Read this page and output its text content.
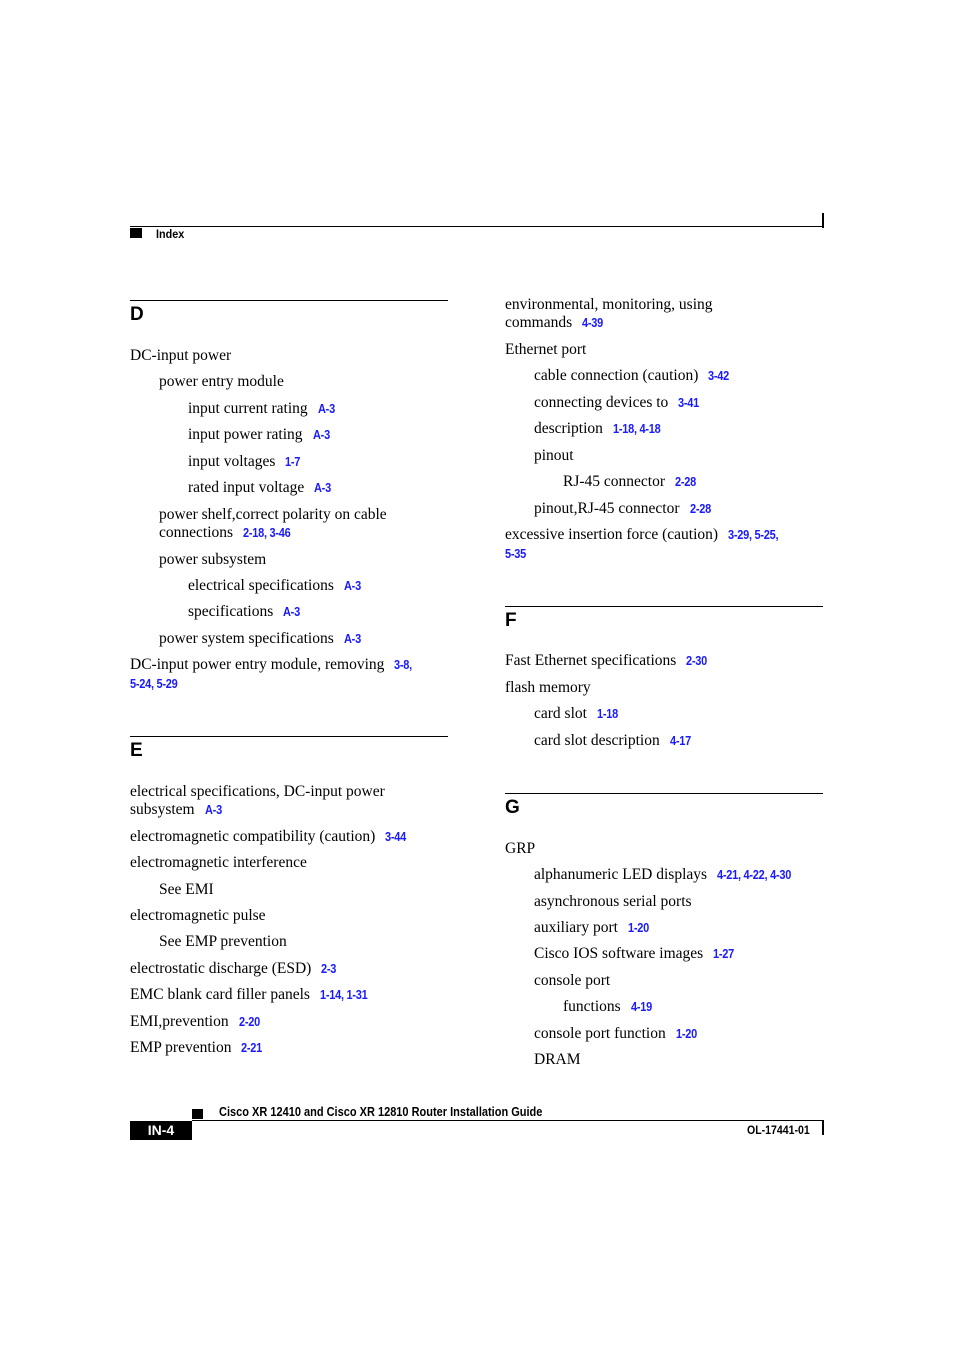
Index
D
DC-input power
power entry module
input current rating A-3
input power rating A-3
input voltages 1-7
rated input voltage A-3
power shelf,correct polarity on cable
connections 2-18, 3-46
power subsystem
electrical specifications A-3
specifications A-3
power system specifications A-3
DC-input power entry module, removing 3-8,
5-24, 5-29
E
electrical specifications, DC-input power
subsystem A-3
electromagnetic compatibility (caution) 3-44
electromagnetic interference
See EMI
electromagnetic pulse
See EMP prevention
electrostatic discharge (ESD) 2-3
EMC blank card filler panels 1-14, 1-31
EMI,prevention 2-20
EMP prevention 2-21
environmental, monitoring, using
commands 4-39
Ethernet port
cable connection (caution) 3-42
connecting devices to 3-41
description 1-18, 4-18
pinout
RJ-45 connector 2-28
pinout,RJ-45 connector 2-28
excessive insertion force (caution) 3-29, 5-25,
5-35
F
Fast Ethernet specifications 2-30
flash memory
card slot 1-18
card slot description 4-17
G
GRP
alphanumeric LED displays 4-21, 4-22, 4-30
asynchronous serial ports
auxiliary port 1-20
Cisco IOS software images 1-27
console port
functions 4-19
console port function 1-20
DRAM
Cisco XR 12410 and Cisco XR 12810 Router Installation Guide
IN-4	OL-17441-01
